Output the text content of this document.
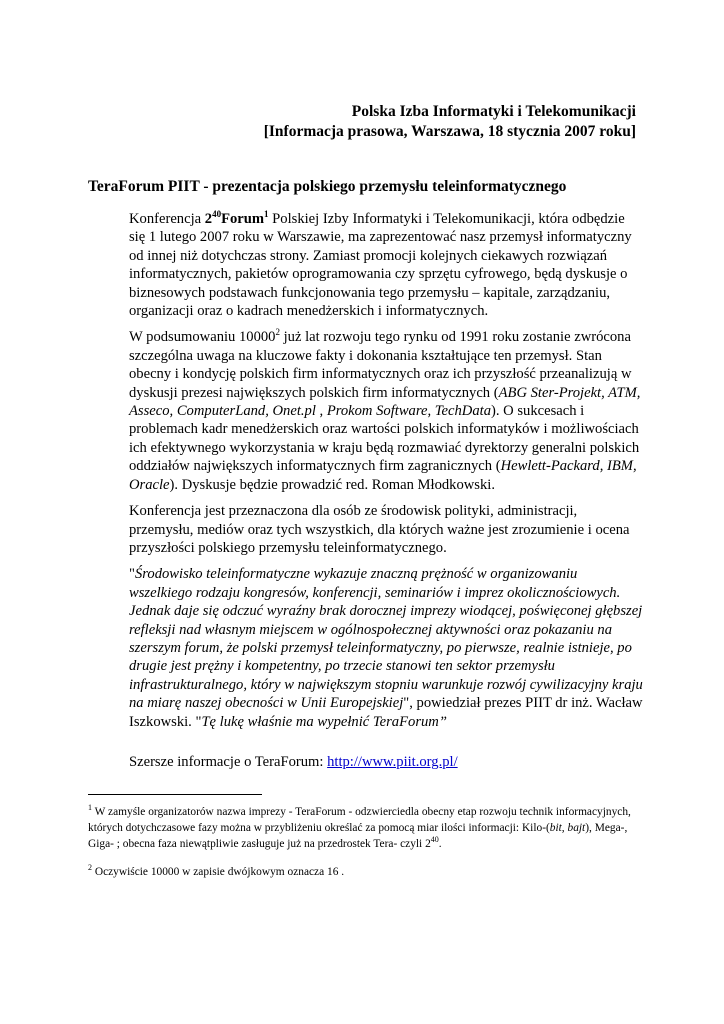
Polska Izba Informatyki i Telekomunikacji
[Informacja prasowa, Warszawa, 18 stycznia 2007 roku]
TeraForum PIIT - prezentacja polskiego przemysłu teleinformatycznego

Konferencja $2^{40}Forum^1$ Polskiej Izby Informatyki i Telekomunikacji, która odbędzie się 1 lutego 2007 roku w Warszawie, ma zaprezentować nasz przemysł informatyczny od innej niż dotychczas strony. Zamiast promocji kolejnych ciekawych rozwiązań informatycznych, pakietów oprogramowania czy sprzętu cyfrowego, będą dyskusje o biznesowych podstawach funkcjonowania tego przemysłu – kapitale, zarządzaniu, organizacji oraz o kadrach menedżerskich i informatycznych.

W podsumowaniu 10000$^2$ już lat rozwoju tego rynku od 1991 roku zostanie zwrócona szczególna uwaga na kluczowe fakty i dokonania kształtujące ten przemysł. Stan obecny i kondycję polskich firm informatycznych oraz ich przyszłość przeanalizują w dyskusji prezesi największych polskich firm informatycznych (ABG Ster-Projekt, ATM, Asseco, ComputerLand, Onet.pl , Prokom Software, TechData). O sukcesach i problemach kadr menedżerskich oraz wartości polskich informatyków i możliwościach ich efektywnego wykorzystania w kraju będą rozmawiać dyrektorzy generalni polskich oddziałów największych informatycznych firm zagranicznych (Hewlett-Packard, IBM, Oracle). Dyskusje będzie prowadzić red. Roman Młodkowski.

Konferencja jest przeznaczona dla osób ze środowisk polityki, administracji, przemysłu, mediów oraz tych wszystkich, dla których ważne jest zrozumienie i ocena przyszłości polskiego przemysłu teleinformatycznego.

"Środowisko teleinformatyczne wykazuje znaczną prężność w organizowaniu wszelkiego rodzaju kongresów, konferencji, seminariów i imprez okolicznościowych. Jednak daje się odczuć wyraźny brak dorocznej imprezy wiodącej, poświęconej głębszej refleksji nad własnym miejscem w ogólnospołecznej aktywności oraz pokazaniu na szerszym forum, że polski przemysł teleinformatyczny, po pierwsze, realnie istnieje, po drugie jest prężny i kompetentny, po trzecie stanowi ten sektor przemysłu infrastrukturalnego, który w największym stopniu warunkuje rozwój cywilizacyjny kraju na miarę naszej obecności w Unii Europejskiej", powiedział prezes PIIT dr inż. Wacław Iszkowski. "Tę lukę właśnie ma wypełnić TeraForum”

Szersze informacje o TeraForum: http://www.piit.org.pl/

$^1$ W zamyśle organizatorów nazwa imprezy - TeraForum - odzwierciedla obecny etap rozwoju technik informacyjnych, których dotychczasowe fazy można w przybliżeniu określać za pomocą miar ilości informacji: Kilo-(bit, bajt), Mega-, Giga- ; obecna faza niewątpliwie zasługuje już na przedrostek Tera- czyli $2^{40}$.

$^2$ Oczywiście 10000 w zapisie dwójkowym oznacza 16 .
